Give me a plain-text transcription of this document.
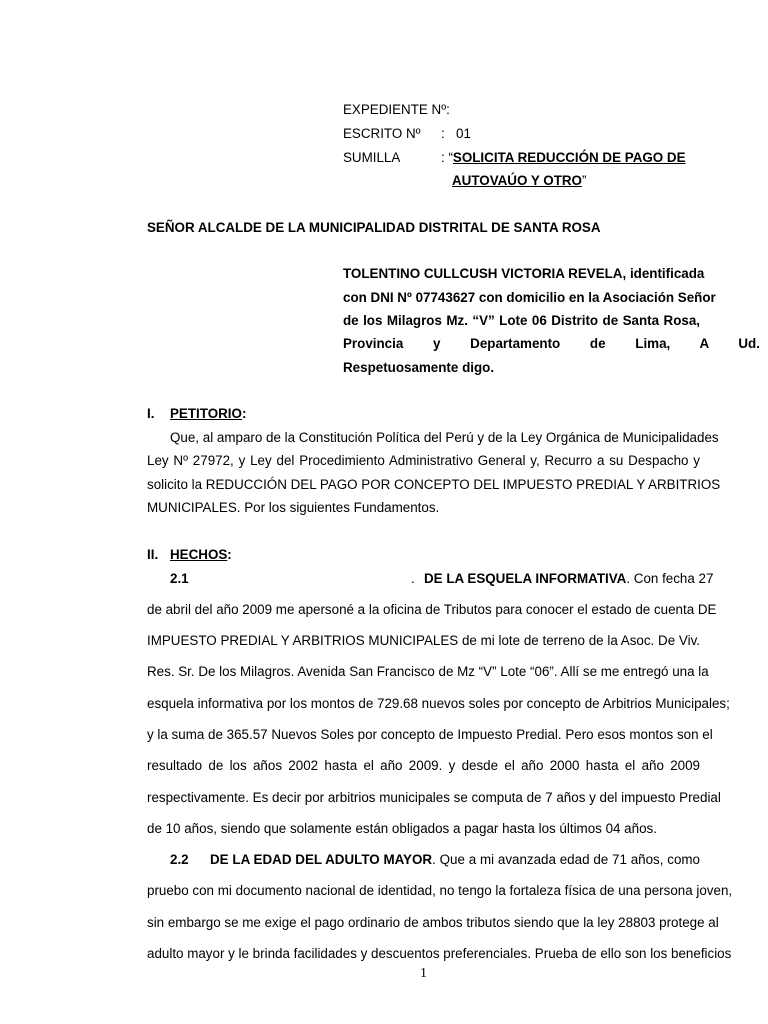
EXPEDIENTE Nº:
ESCRITO Nº : 01
SUMILLA	: “SOLICITA REDUCCIÓN DE PAGO DE
AUTOVAÚO Y OTRO”
SEÑOR ALCALDE DE LA MUNICIPALIDAD DISTRITAL DE SANTA ROSA
TOLENTINO CULLCUSH VICTORIA REVELA, identificada
con DNI Nº 07743627 con domicilio en la Asociación Señor
de los Milagros Mz. “V” Lote 06 Distrito de Santa Rosa,
Provincia y Departamento de Lima, A Ud.
Respetuosamente digo.
I. PETITORIO:
Que, al amparo de la Constitución Política del Perú y de la Ley Orgánica de Municipalidades
Ley Nº 27972, y Ley del Procedimiento Administrativo General y, Recurro a su Despacho y
solicito la REDUCCIÓN DEL PAGO POR CONCEPTO DEL IMPUESTO PREDIAL Y ARBITRIOS
MUNICIPALES. Por los siguientes Fundamentos.
II. HECHOS:
2.1	. DE LA ESQUELA INFORMATIVA. Con fecha 27
de abril del año 2009 me apersoné a la oficina de Tributos para conocer el estado de cuenta DE
IMPUESTO PREDIAL Y ARBITRIOS MUNICIPALES de mi lote de terreno de la Asoc. De Viv.
Res. Sr. De los Milagros. Avenida San Francisco de Mz “V” Lote “06”. Allí se me entregó una la
esquela informativa por los montos de 729.68 nuevos soles por concepto de Arbitrios Municipales;
y la suma de 365.57 Nuevos Soles por concepto de Impuesto Predial. Pero esos montos son el
resultado de los años 2002 hasta el año 2009. y desde el año 2000 hasta el año 2009
respectivamente. Es decir por arbitrios municipales se computa de 7 años y del impuesto Predial
de 10 años, siendo que solamente están obligados a pagar hasta los últimos 04 años.
2.2 DE LA EDAD DEL ADULTO MAYOR. Que a mi avanzada edad de 71 años, como
pruebo con mi documento nacional de identidad, no tengo la fortaleza física de una persona joven,
sin embargo se me exige el pago ordinario de ambos tributos siendo que la ley 28803 protege al
adulto mayor y le brinda facilidades y descuentos preferenciales. Prueba de ello son los beneficios
1
